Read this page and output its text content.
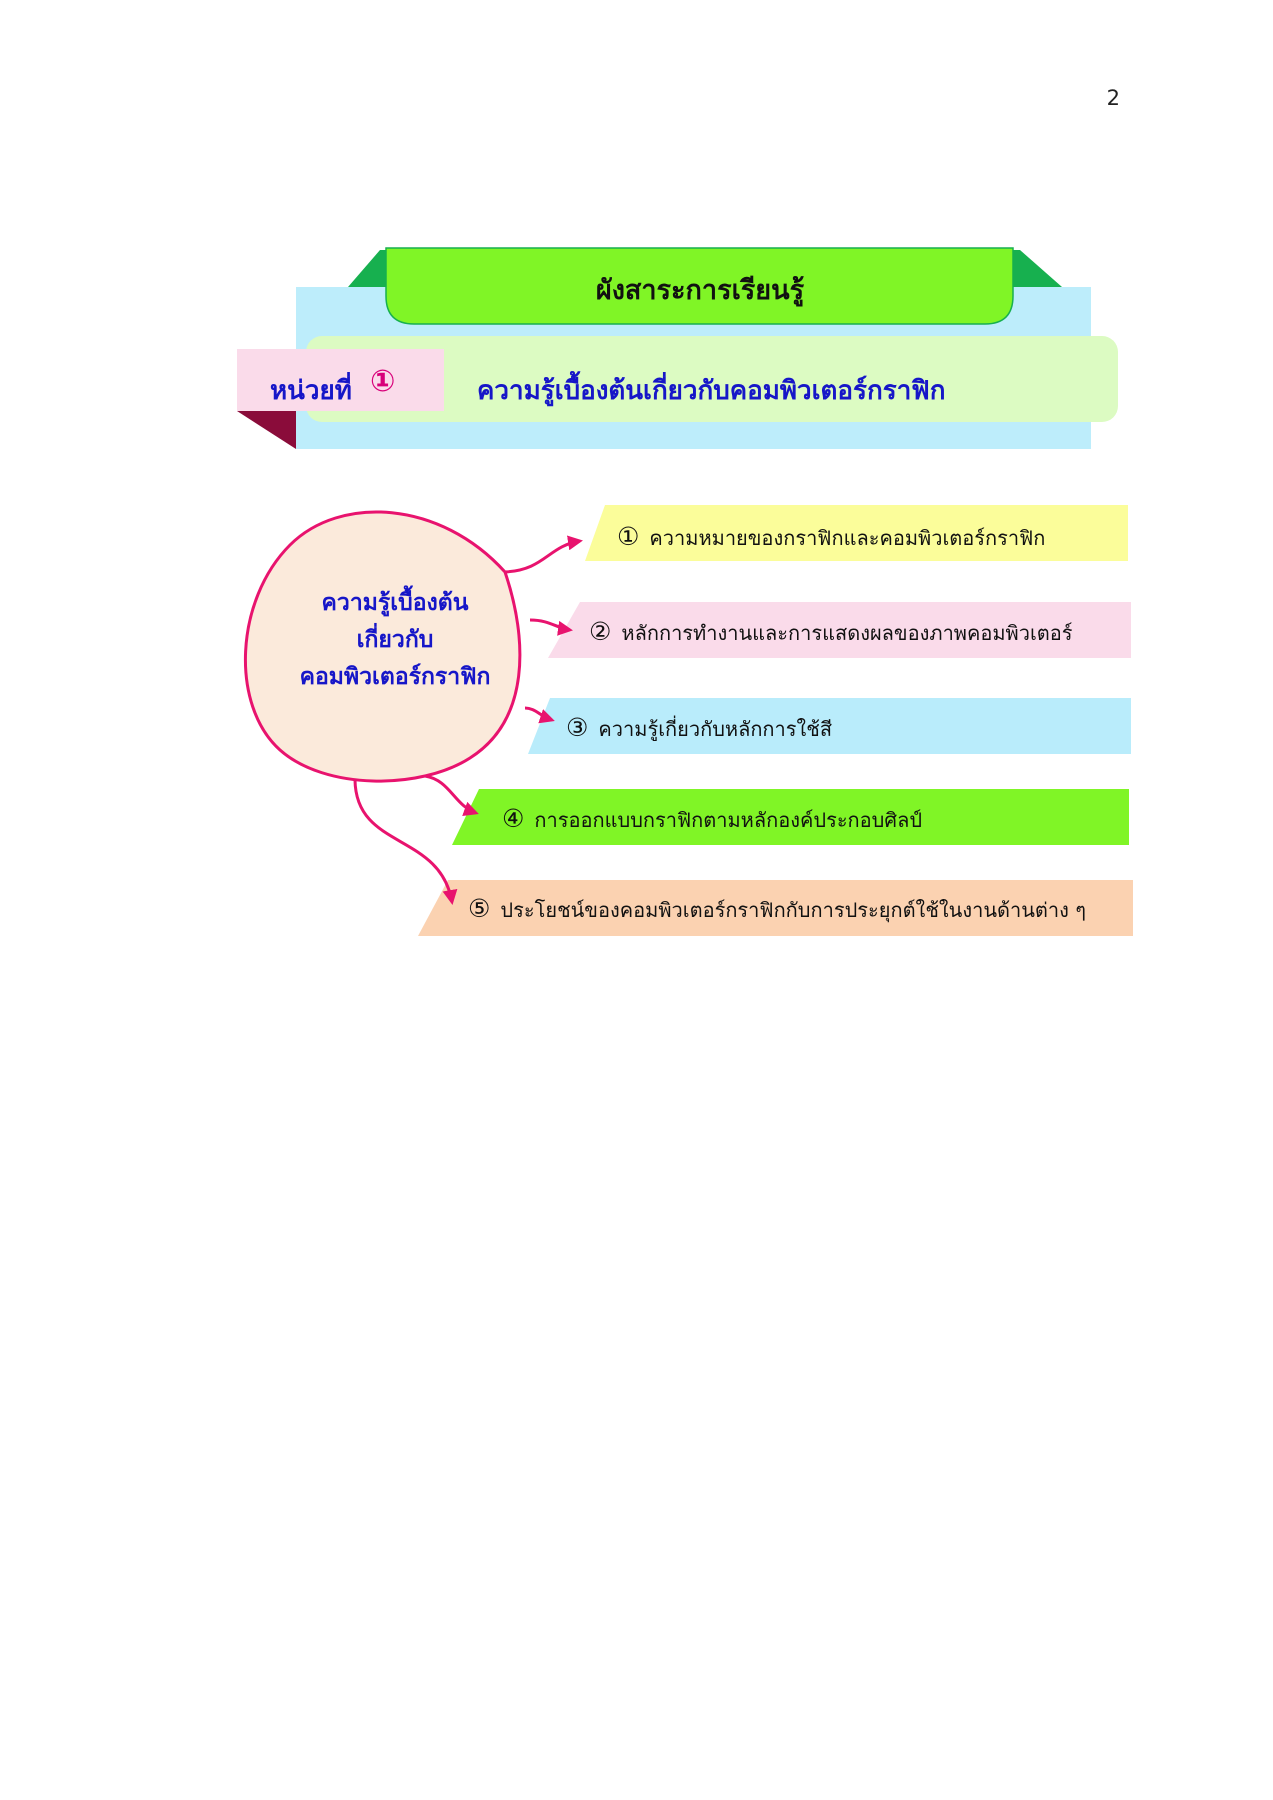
2
ผังสาระการเรียนรู้
หน่วยที่ ①	ความรู้เบื้องต้นเกี่ยวกับคอมพิวเตอร์กราฟิก
ความรู้เบื้องต้น
เกี่ยวกับ
คอมพิวเตอร์กราฟิก
① ความหมายของกราฟิกและคอมพิวเตอร์กราฟิก
② หลักการทำงานและการแสดงผลของภาพคอมพิวเตอร์
③ ความรู้เกี่ยวกับหลักการใช้สี
④ การออกแบบกราฟิกตามหลักองค์ประกอบศิลป์
⑤ ประโยชน์ของคอมพิวเตอร์กราฟิกกับการประยุกต์ใช้ในงานด้านต่าง ๆ
